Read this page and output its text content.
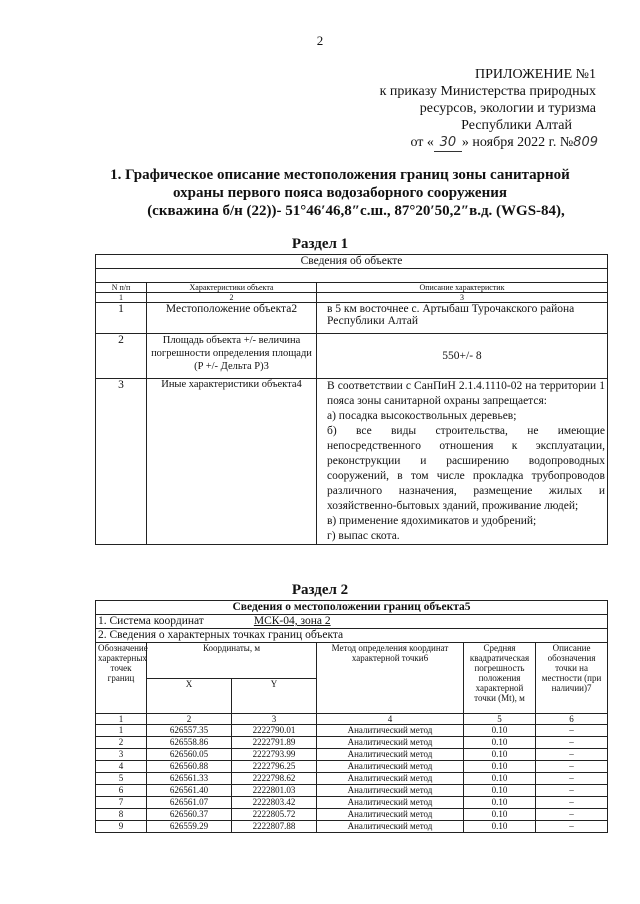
2
ПРИЛОЖЕНИЕ №1
к приказу Министерства природных
ресурсов, экологии и туризма
Республики Алтай
от « 30 » ноября 2022 г. №809
1. Графическое описание местоположения границ зоны санитарной
охраны первого пояса водозаборного сооружения
(скважина б/н (22))- 51°46′46,8″с.ш., 87°20′50,2″в.д. (WGS-84),
Раздел 1
Сведения об объекте		

N п/п	Характеристики объекта	Описание характеристик
1	2	3
1	Местоположение объекта2	в 5 км восточнее с. Артыбаш Турочакского района Республики Алтай
2	Площадь объекта +/- величина погрешности определения площади (P +/- Дельта P)3	550+/- 8
3	Иные характеристики объекта4	В соответствии с СанПиН 2.1.4.1110-02 на территории 1 пояса зоны санитарной охраны запрещается:
а) посадка высокоствольных деревьев;
б) все виды строительства, не имеющие непосредственного отношения к эксплуатации, реконструкции и расширению водопроводных сооружений, в том числе прокладка трубопроводов различного назначения, размещение жилых и хозяйственно-бытовых зданий, проживание людей;
в) применение ядохимикатов и удобрений;
г) выпас скота.
Раздел 2
Сведения о местоположении границ объекта5					
1. Система координат МСК-04, зона 2					
2. Сведения о характерных точках границ объекта					
Обозначение характерных точек границ	Координаты, м		Метод определения координат характерной точки6	Средняя квадратическая погрешность положения характерной точки (Mt), м	Описание обозначения точки на местности (при наличии)7
	X	Y			
1	2	3	4	5	6
1	626557.35	2222790.01	Аналитический метод	0.10	–
2	626558.86	2222791.89	Аналитический метод	0.10	–
3	626560.05	2222793.99	Аналитический метод	0.10	–
4	626560.88	2222796.25	Аналитический метод	0.10	–
5	626561.33	2222798.62	Аналитический метод	0.10	–
6	626561.40	2222801.03	Аналитический метод	0.10	–
7	626561.07	2222803.42	Аналитический метод	0.10	–
8	626560.37	2222805.72	Аналитический метод	0.10	–
9	626559.29	2222807.88	Аналитический метод	0.10	–
